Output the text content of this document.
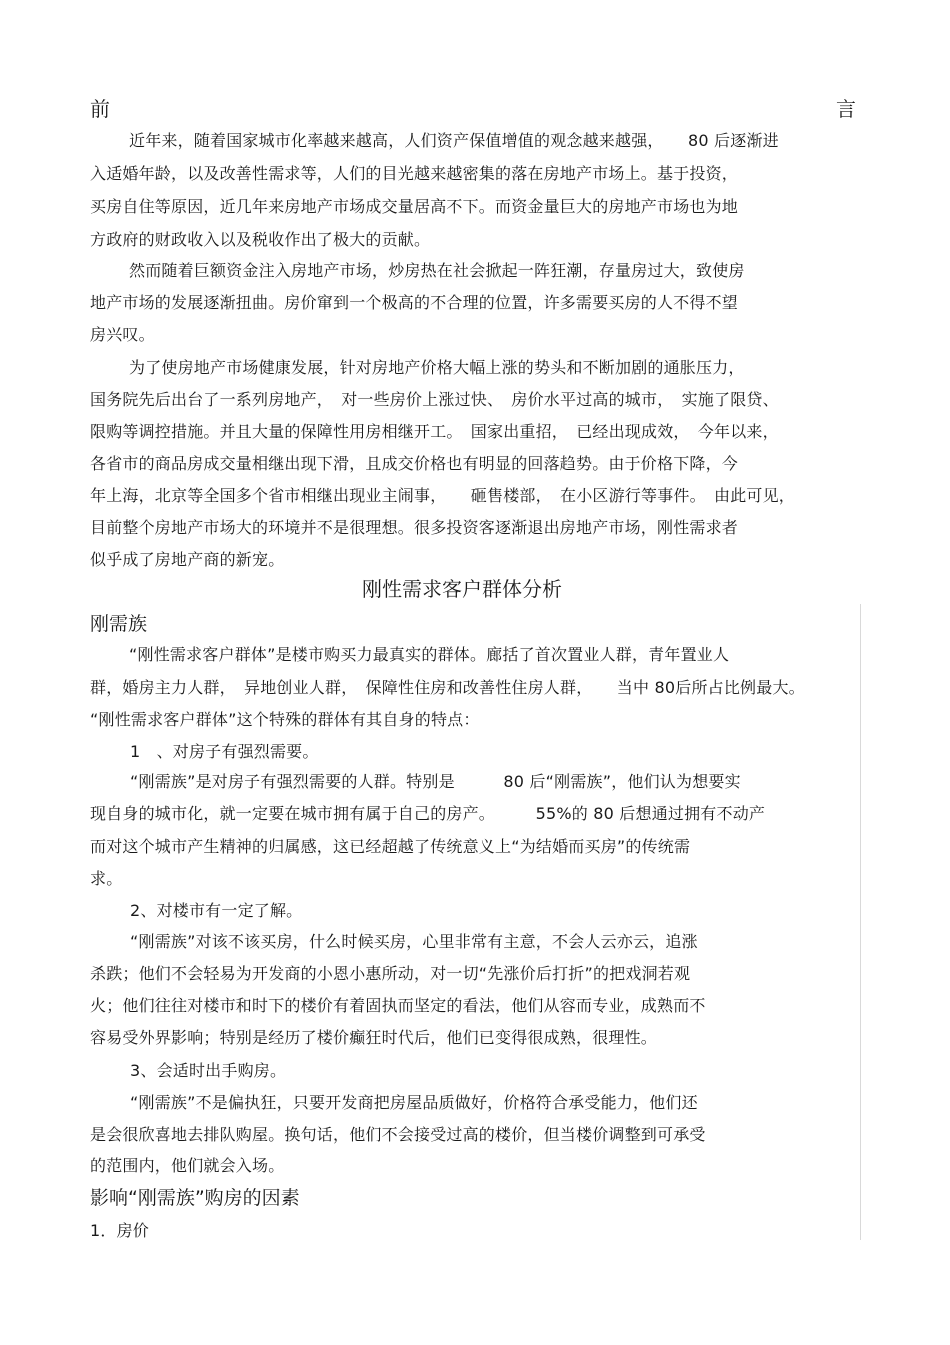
前	言

近年来，随着国家城市化率越来越高，人们资产保值增值的观念越来越强，　　80 后逐渐进

入适婚年龄，以及改善性需求等，人们的目光越来越密集的落在房地产市场上。基于投资，

买房自住等原因，近几年来房地产市场成交量居高不下。而资金量巨大的房地产市场也为地

方政府的财政收入以及税收作出了极大的贡献。

然而随着巨额资金注入房地产市场，炒房热在社会掀起一阵狂潮，存量房过大，致使房

地产市场的发展逐渐扭曲。房价窜到一个极高的不合理的位置，许多需要买房的人不得不望

房兴叹。

为了使房地产市场健康发展，针对房地产价格大幅上涨的势头和不断加剧的通胀压力，

国务院先后出台了一系列房地产，　对一些房价上涨过快、　房价水平过高的城市，　实施了限贷、

限购等调控措施。并且大量的保障性用房相继开工。　国家出重招，　已经出现成效，　今年以来，

各省市的商品房成交量相继出现下滑，且成交价格也有明显的回落趋势。由于价格下降，今

年上海，北京等全国多个省市相继出现业主闹事，　　砸售楼部，　在小区游行等事件。　由此可见，

目前整个房地产市场大的环境并不是很理想。很多投资客逐渐退出房地产市场，刚性需求者

似乎成了房地产商的新宠。

刚性需求客户群体分析

刚需族

“刚性需求客户群体”是楼市购买力最真实的群体。廊括了首次置业人群，青年置业人

群，婚房主力人群，　异地创业人群，　保障性住房和改善性住房人群，　　当中 80后所占比例最大。

“刚性需求客户群体”这个特殊的群体有其自身的特点：

1　、对房子有强烈需要。

“刚需族”是对房子有强烈需要的人群。特别是　　　80 后“刚需族”，他们认为想要实

现自身的城市化，就一定要在城市拥有属于自己的房产。　　　55%的 80 后想通过拥有不动产

而对这个城市产生精神的归属感，这已经超越了传统意义上“为结婚而买房”的传统需

求。

2、对楼市有一定了解。

“刚需族”对该不该买房，什么时候买房，心里非常有主意，不会人云亦云，追涨

杀跌；他们不会轻易为开发商的小恩小惠所动，对一切“先涨价后打折”的把戏洞若观

火；他们往往对楼市和时下的楼价有着固执而坚定的看法，他们从容而专业，成熟而不

容易受外界影响；特别是经历了楼价癫狂时代后，他们已变得很成熟，很理性。

3、会适时出手购房。

“刚需族”不是偏执狂，只要开发商把房屋品质做好，价格符合承受能力，他们还

是会很欣喜地去排队购屋。换句话，他们不会接受过高的楼价，但当楼价调整到可承受

的范围内，他们就会入场。

影响“刚需族”购房的因素

1．房价
